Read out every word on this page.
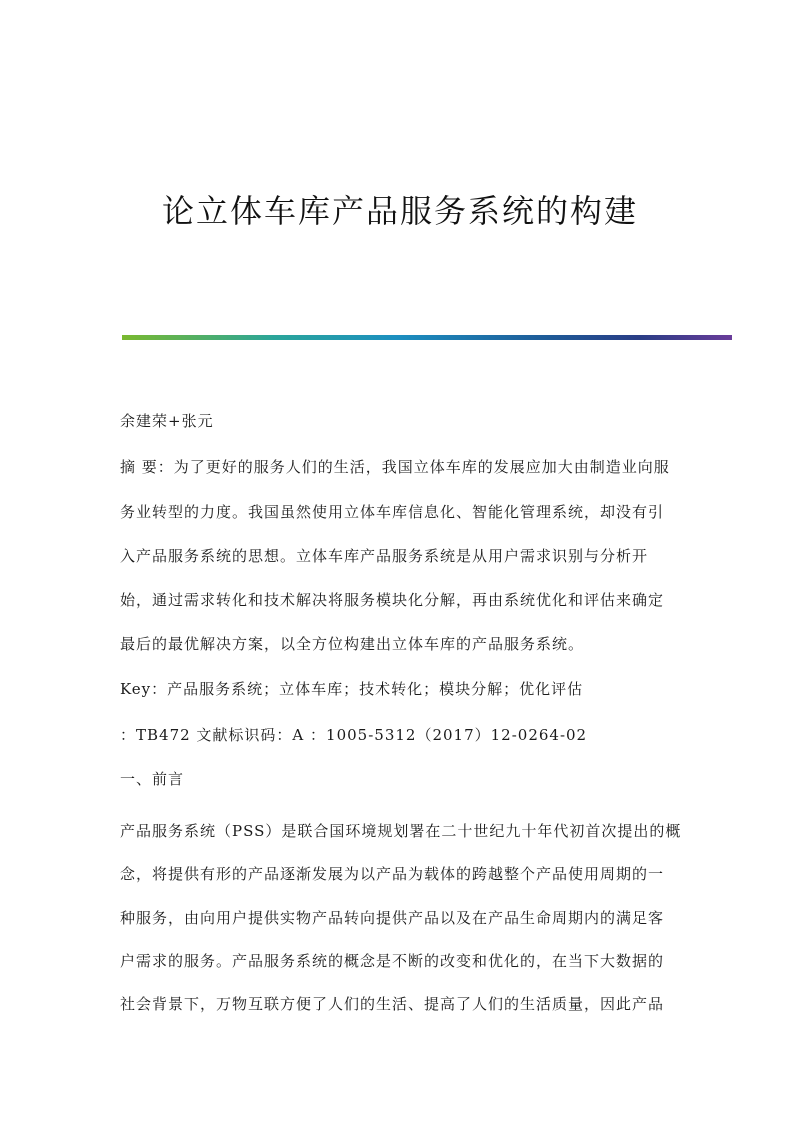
论立体车库产品服务系统的构建
余建荣+张元
摘 要：为了更好的服务人们的生活，我国立体车库的发展应加大由制造业向服
务业转型的力度。我国虽然使用立体车库信息化、智能化管理系统，却没有引
入产品服务系统的思想。立体车库产品服务系统是从用户需求识别与分析开
始，通过需求转化和技术解决将服务模块化分解，再由系统优化和评估来确定
最后的最优解决方案，以全方位构建出立体车库的产品服务系统。
Key：产品服务系统；立体车库；技术转化；模块分解；优化评估
：TB472 文献标识码：A ：1005-5312（2017）12-0264-02
一、前言
产品服务系统（PSS）是联合国环境规划署在二十世纪九十年代初首次提出的概
念，将提供有形的产品逐渐发展为以产品为载体的跨越整个产品使用周期的一
种服务，由向用户提供实物产品转向提供产品以及在产品生命周期内的满足客
户需求的服务。产品服务系统的概念是不断的改变和优化的，在当下大数据的
社会背景下，万物互联方便了人们的生活、提高了人们的生活质量，因此产品
